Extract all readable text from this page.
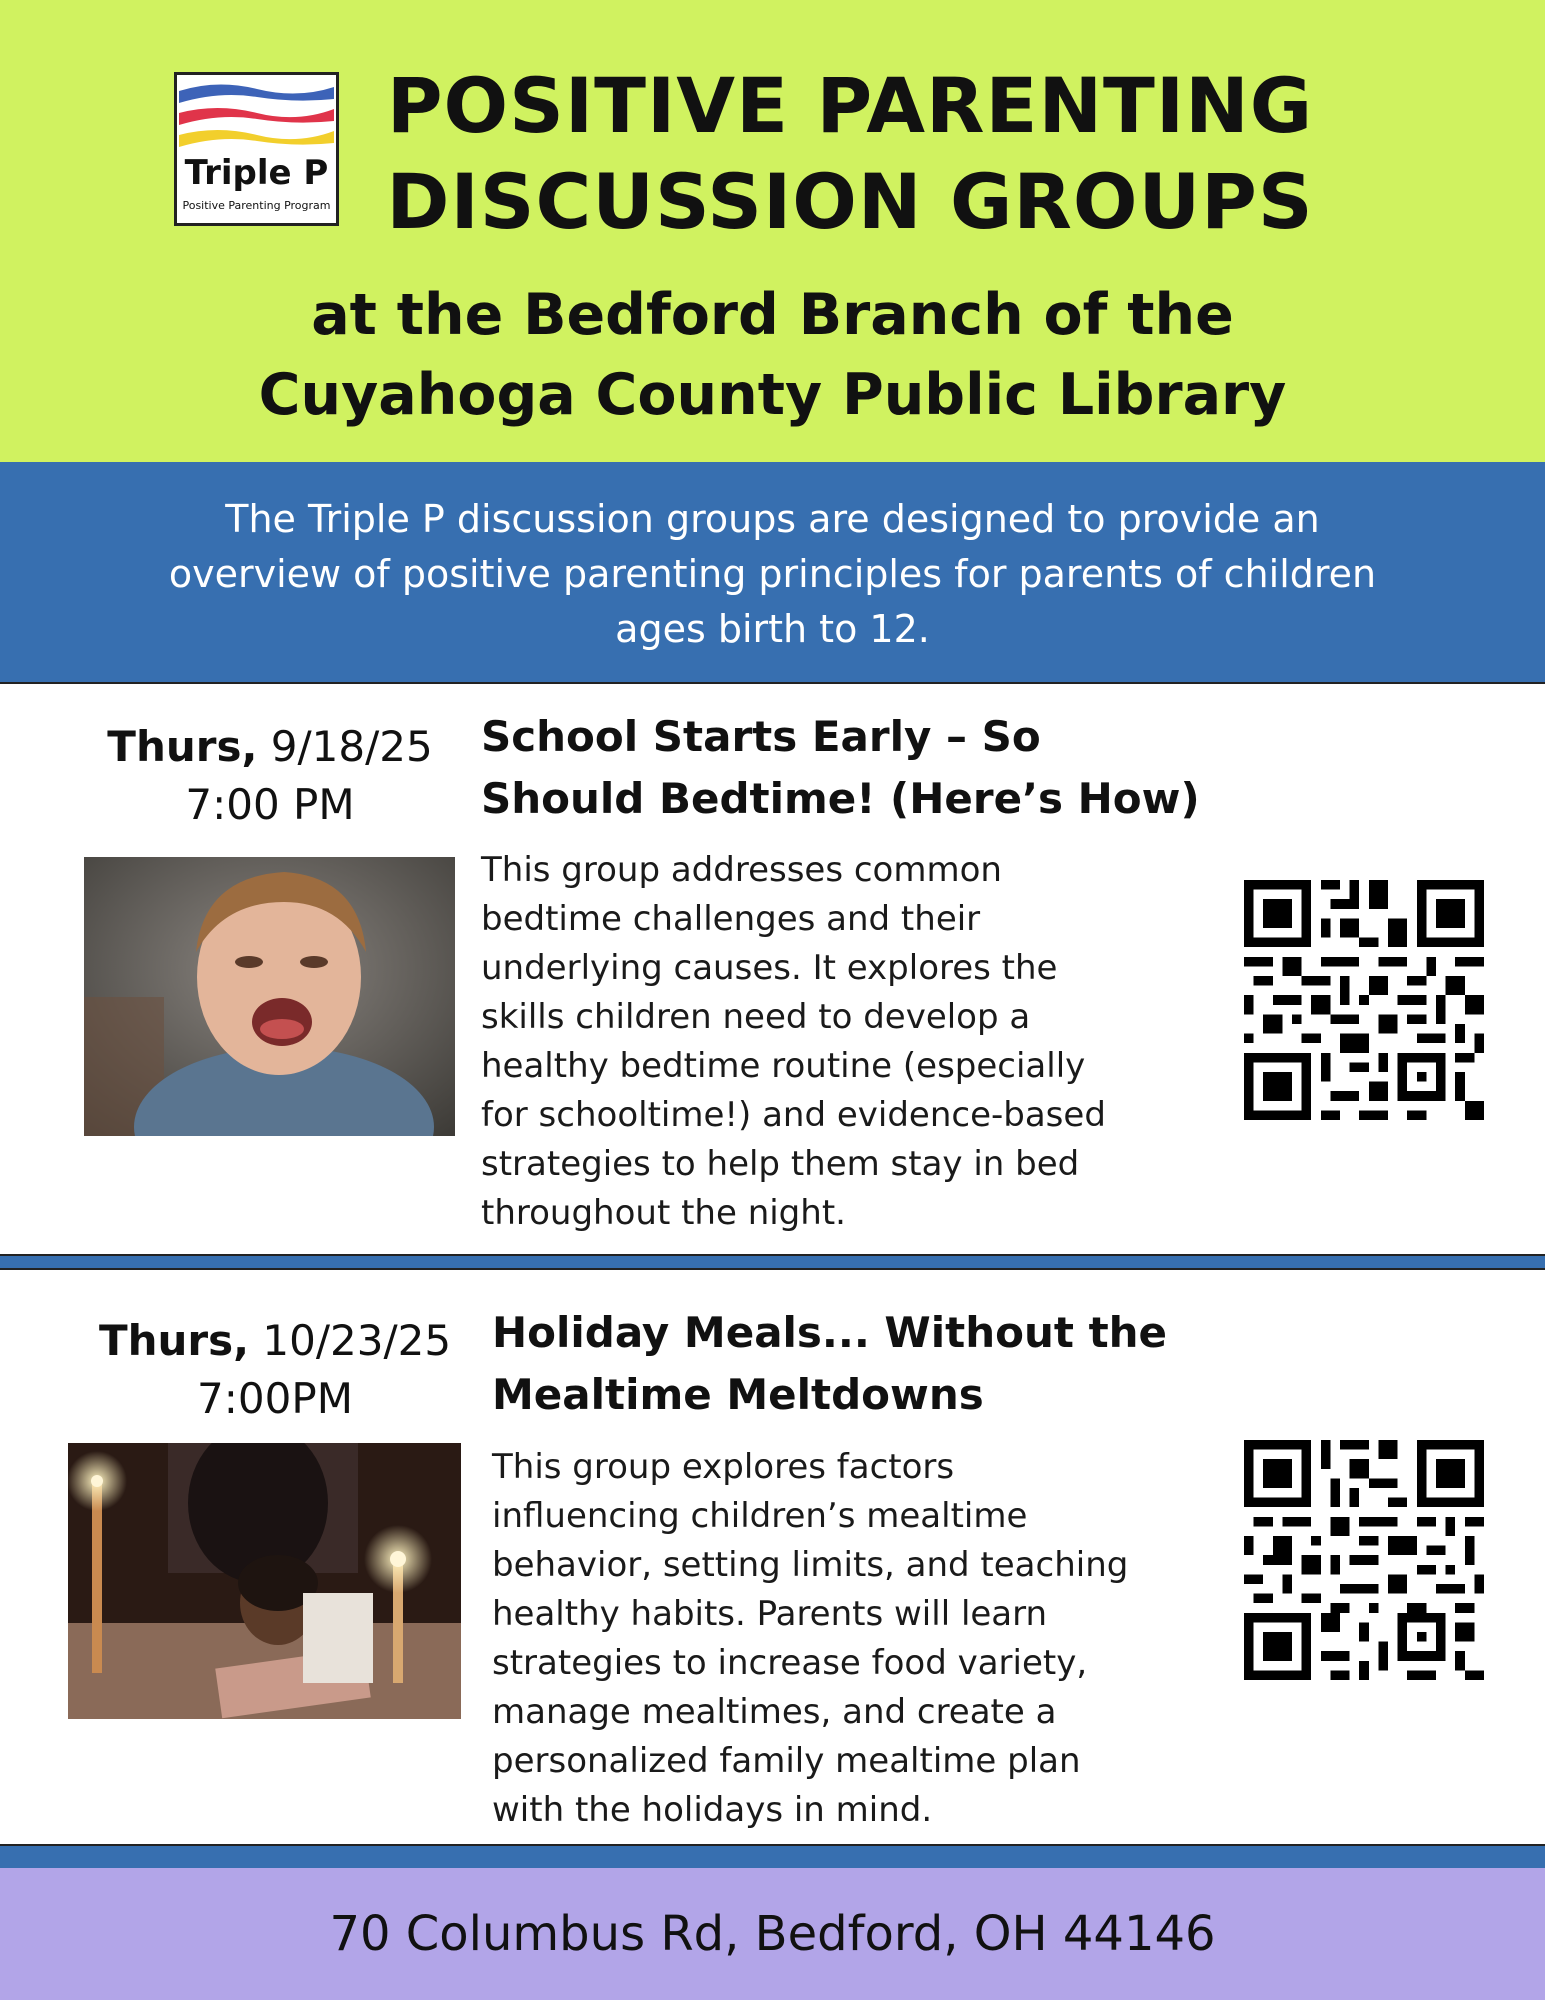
Triple P
Positive Parenting Program
POSITIVE PARENTING
DISCUSSION GROUPS
at the Bedford Branch of the
Cuyahoga County Public Library
The Triple P discussion groups are designed to provide an
overview of positive parenting principles for parents of children
ages birth to 12.
Thurs, 9/18/25
7:00 PM
School Starts Early – So
Should Bedtime! (Here’s How)
This group addresses common
bedtime challenges and their
underlying causes. It explores the
skills children need to develop a
healthy bedtime routine (especially
for schooltime!) and evidence-based
strategies to help them stay in bed
throughout the night.
Thurs, 10/23/25
7:00PM
Holiday Meals... Without the
Mealtime Meltdowns
This group explores factors
influencing children’s mealtime
behavior, setting limits, and teaching
healthy habits. Parents will learn
strategies to increase food variety,
manage mealtimes, and create a
personalized family mealtime plan
with the holidays in mind.
70 Columbus Rd, Bedford, OH 44146
